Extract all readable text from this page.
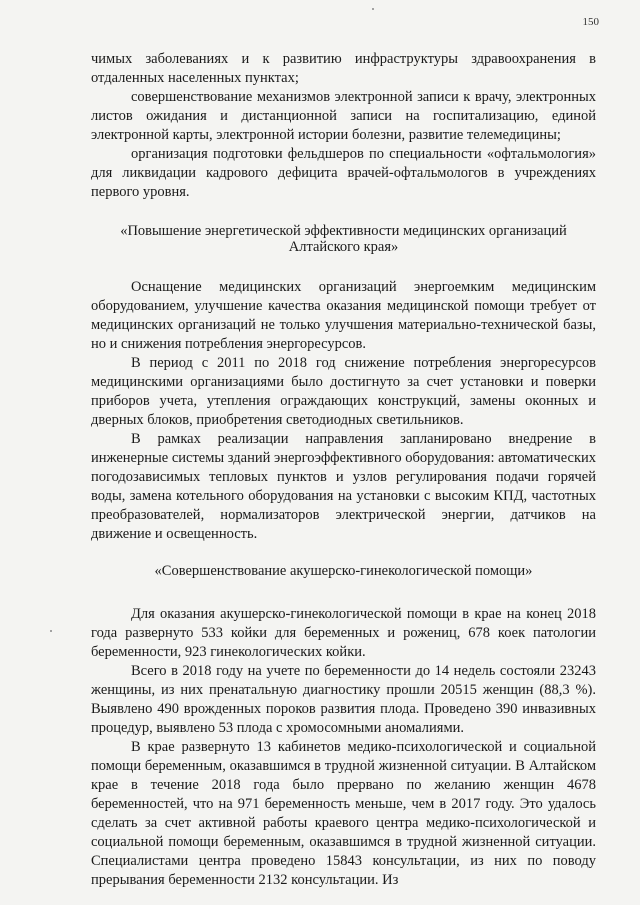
150

чимых заболеваниях и к развитию инфраструктуры здравоохранения в отдаленных населенных пунктах;

совершенствование механизмов электронной записи к врачу, электронных листов ожидания и дистанционной записи на госпитализацию, единой электронной карты, электронной истории болезни, развитие телемедицины;

организация подготовки фельдшеров по специальности «офтальмология» для ликвидации кадрового дефицита врачей-офтальмологов в учреждениях первого уровня.

«Повышение энергетической эффективности медицинских организаций Алтайского края»

Оснащение медицинских организаций энергоемким медицинским оборудованием, улучшение качества оказания медицинской помощи требует от медицинских организаций не только улучшения материально-технической базы, но и снижения потребления энергоресурсов.

В период с 2011 по 2018 год снижение потребления энергоресурсов медицинскими организациями было достигнуто за счет установки и поверки приборов учета, утепления ограждающих конструкций, замены оконных и дверных блоков, приобретения светодиодных светильников.

В рамках реализации направления запланировано внедрение в инженерные системы зданий энергоэффективного оборудования: автоматических погодозависимых тепловых пунктов и узлов регулирования подачи горячей воды, замена котельного оборудования на установки с высоким КПД, частотных преобразователей, нормализаторов электрической энергии, датчиков на движение и освещенность.

«Совершенствование акушерско-гинекологической помощи»

Для оказания акушерско-гинекологической помощи в крае на конец 2018 года развернуто 533 койки для беременных и рожениц, 678 коек патологии беременности, 923 гинекологических койки.

Всего в 2018 году на учете по беременности до 14 недель состояли 23243 женщины, из них пренатальную диагностику прошли 20515 женщин (88,3 %). Выявлено 490 врожденных пороков развития плода. Проведено 390 инвазивных процедур, выявлено 53 плода с хромосомными аномалиями.

В крае развернуто 13 кабинетов медико-психологической и социальной помощи беременным, оказавшимся в трудной жизненной ситуации. В Алтайском крае в течение 2018 года было прервано по желанию женщин 4678 беременностей, что на 971 беременность меньше, чем в 2017 году. Это удалось сделать за счет активной работы краевого центра медико-психологической и социальной помощи беременным, оказавшимся в трудной жизненной ситуации. Специалистами центра проведено 15843 консультации, из них по поводу прерывания беременности 2132 консультации. Из
